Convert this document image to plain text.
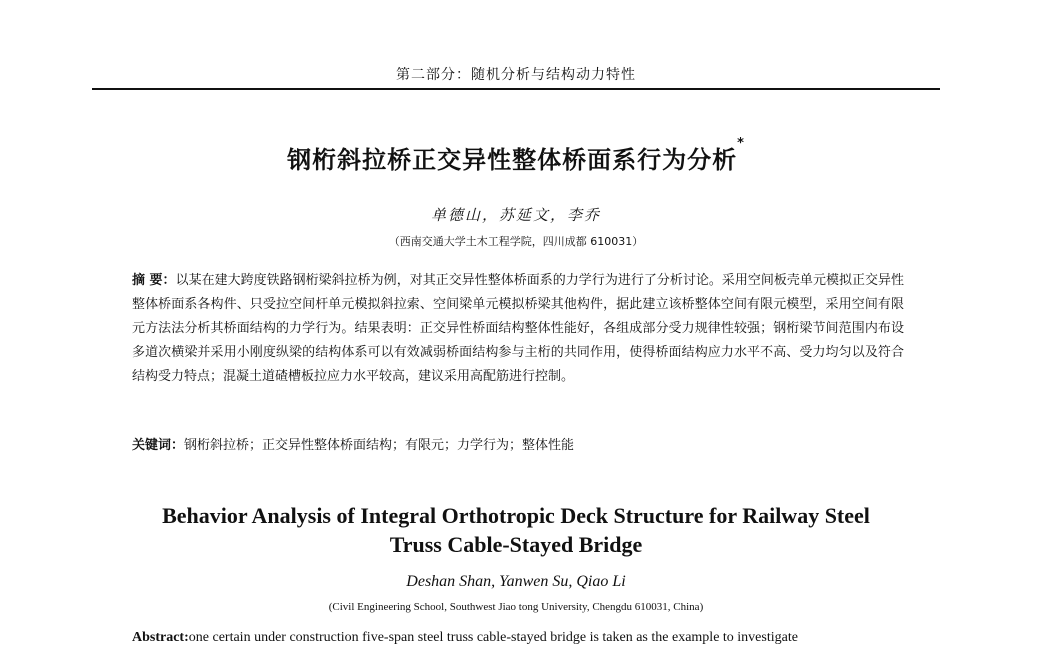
第二部分：随机分析与结构动力特性
钢桁斜拉桥正交异性整体桥面系行为分析*
单德山，苏延文，李乔
（西南交通大学土木工程学院，四川成都 610031）
摘 要：以某在建大跨度铁路钢桁梁斜拉桥为例，对其正交异性整体桥面系的力学行为进行了分析讨论。采用空间板壳单元模拟正交异性整体桥面系各构件、只受拉空间杆单元模拟斜拉索、空间梁单元模拟桥梁其他构件，据此建立该桥整体空间有限元模型，采用空间有限元方法法分析其桥面结构的力学行为。结果表明：正交异性桥面结构整体性能好，各组成部分受力规律性较强；钢桁梁节间范围内布设多道次横梁并采用小刚度纵梁的结构体系可以有效减弱桥面结构参与主桁的共同作用，使得桥面结构应力水平不高、受力均匀以及符合结构受力特点；混凝土道碴槽板拉应力水平较高，建议采用高配筋进行控制。
关键词：钢桁斜拉桥；正交异性整体桥面结构；有限元；力学行为；整体性能
Behavior Analysis of Integral Orthotropic Deck Structure for Railway Steel
Truss Cable-Stayed Bridge
Deshan Shan, Yanwen Su, Qiao Li
(Civil Engineering School, Southwest Jiao tong University, Chengdu 610031, China)
Abstract:one certain under construction five-span steel truss cable-stayed bridge is taken as the example to investigate
